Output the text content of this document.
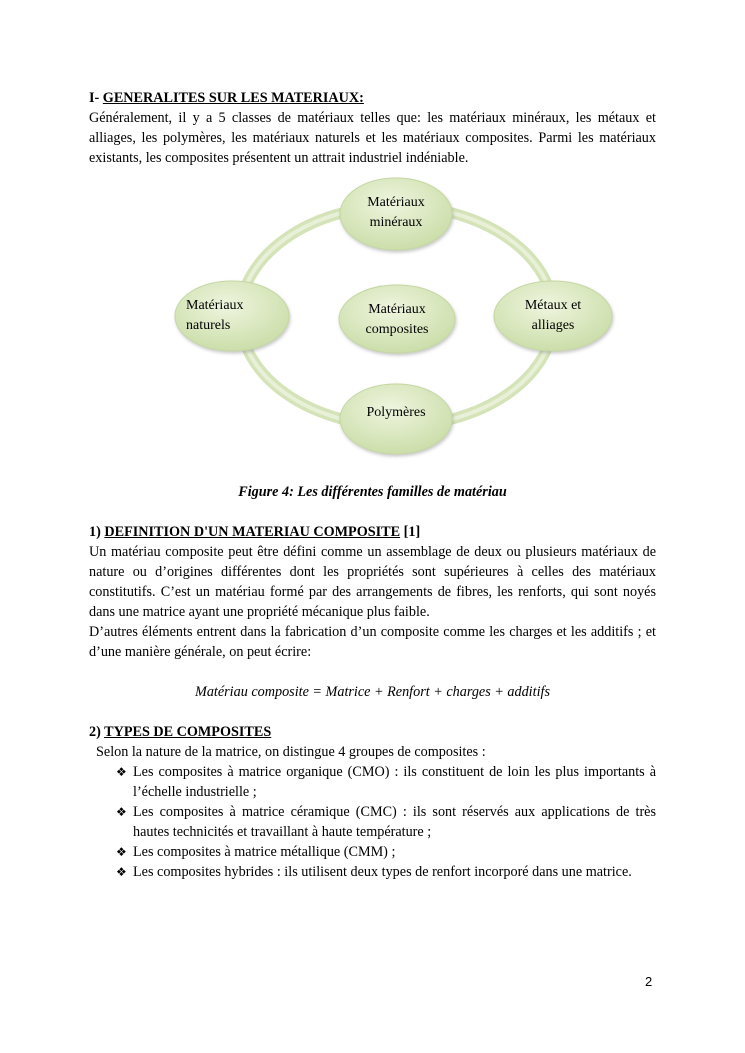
I- GENERALITES SUR LES MATERIAUX:

Généralement, il y a 5 classes de matériaux telles que: les matériaux minéraux, les métaux et alliages, les polymères, les matériaux naturels et les matériaux composites. Parmi les matériaux existants, les composites présentent un attrait industriel indéniable.

Matériaux
minéraux
Matériaux
naturels
Matériaux
composites
Métaux et
alliages
Polymères
Figure 4: Les différentes familles de matériau
1) DEFINITION D'UN MATERIAU COMPOSITE [1]

Un matériau composite peut être défini comme un assemblage de deux ou plusieurs matériaux de nature ou d’origines différentes dont les propriétés sont supérieures à celles des matériaux constitutifs. C’est un matériau formé par des arrangements de fibres, les renforts, qui sont noyés dans une matrice ayant une propriété mécanique plus faible.

D’autres éléments entrent dans la fabrication d’un composite comme les charges et les additifs ; et d’une manière générale, on peut écrire:

Matériau composite = Matrice + Renfort + charges + additifs
2) TYPES DE COMPOSITES
Selon la nature de la matrice, on distingue 4 groupes de composites :
❖ Les composites à matrice organique (CMO) : ils constituent de loin les plus importants à l’échelle industrielle ;
❖ Les composites à matrice céramique (CMC) : ils sont réservés aux applications de très hautes technicités et travaillant à haute température ;
❖ Les composites à matrice métallique (CMM) ;
❖ Les composites hybrides : ils utilisent deux types de renfort incorporé dans une matrice.
2
